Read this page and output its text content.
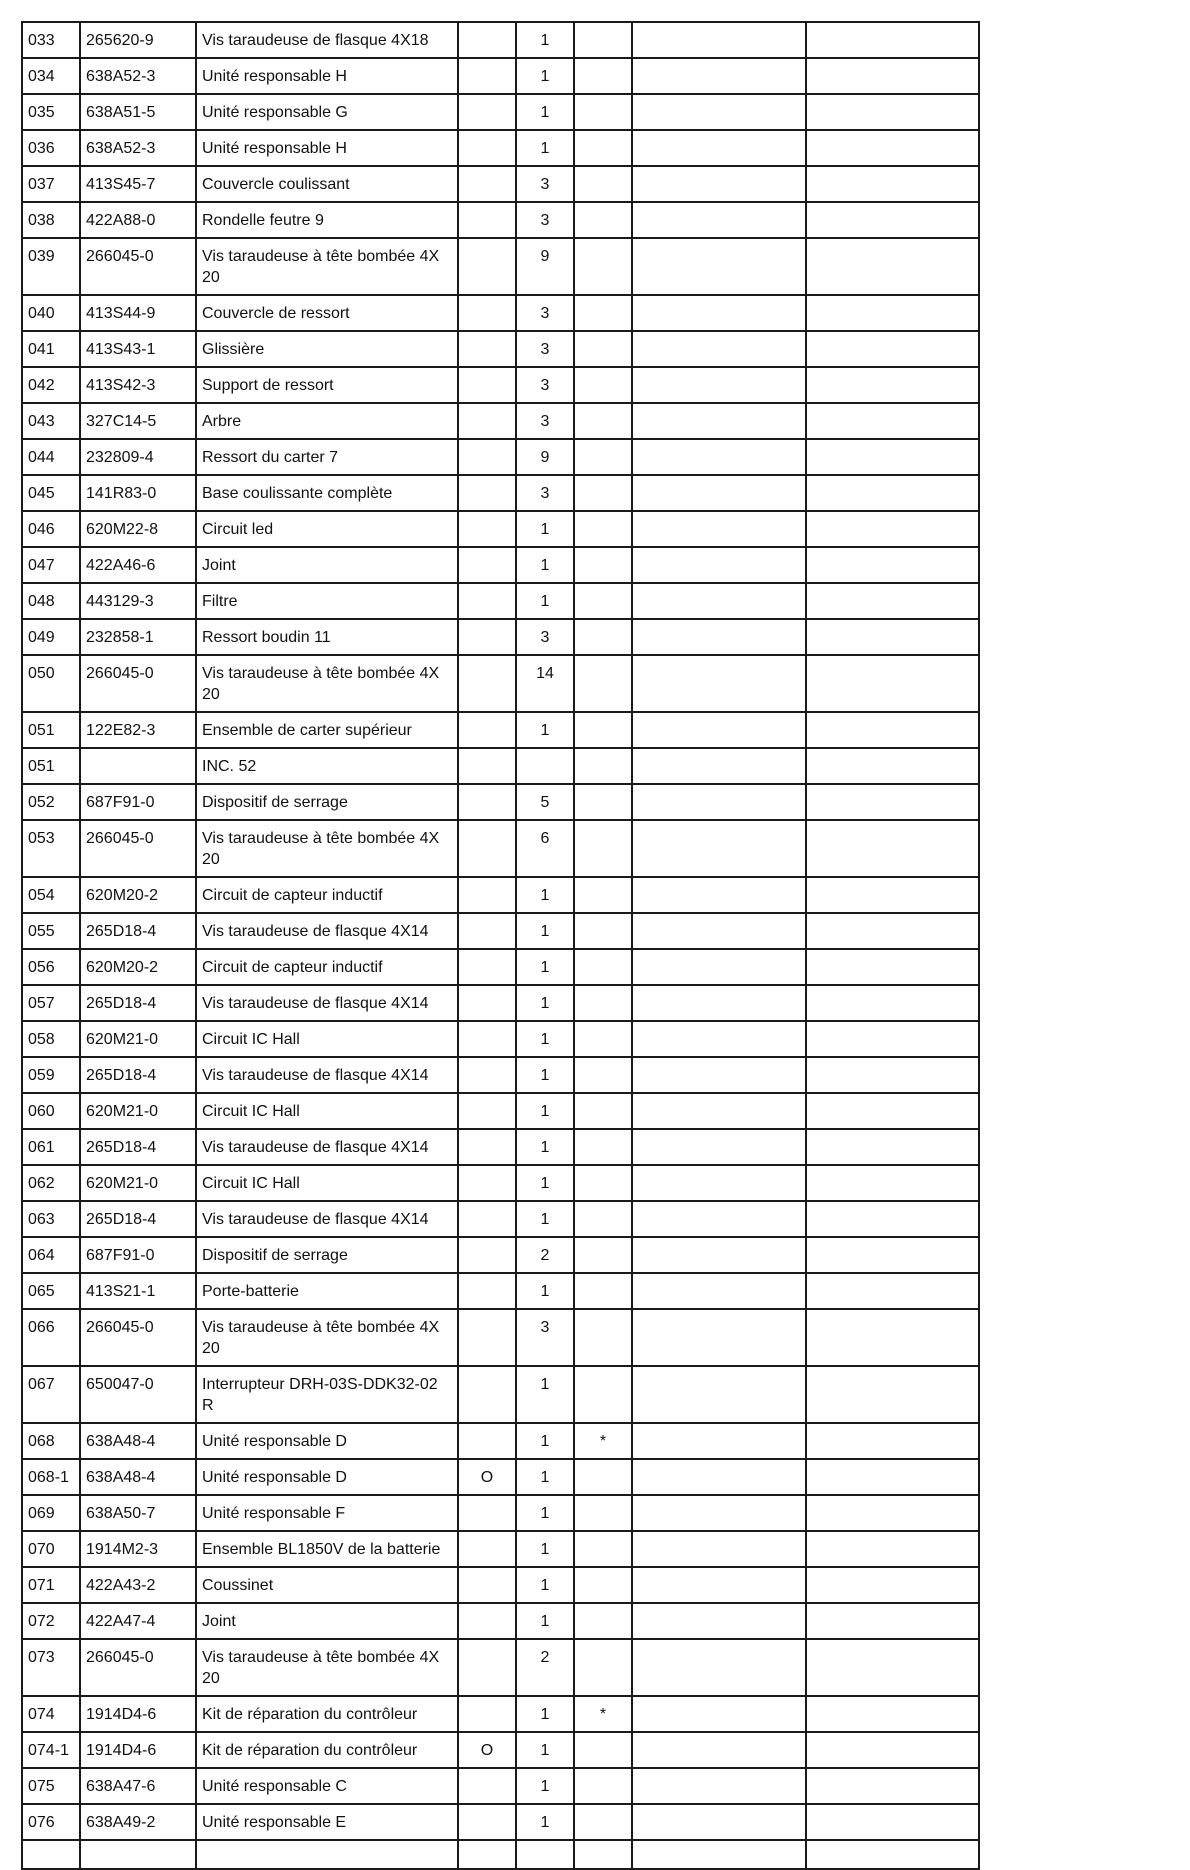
033	265620-9	Vis taraudeuse de flasque 4X18		1			
034	638A52-3	Unité responsable H		1			
035	638A51-5	Unité responsable G		1			
036	638A52-3	Unité responsable H		1			
037	413S45-7	Couvercle coulissant		3			
038	422A88-0	Rondelle feutre 9		3			
039	266045-0	Vis taraudeuse à tête bombée 4X 20		9			
040	413S44-9	Couvercle de ressort		3			
041	413S43-1	Glissière		3			
042	413S42-3	Support de ressort		3			
043	327C14-5	Arbre		3			
044	232809-4	Ressort du carter 7		9			
045	141R83-0	Base coulissante complète		3			
046	620M22-8	Circuit led		1			
047	422A46-6	Joint		1			
048	443129-3	Filtre		1			
049	232858-1	Ressort boudin 11		3			
050	266045-0	Vis taraudeuse à tête bombée 4X 20		14			
051	122E82-3	Ensemble de carter supérieur		1			
051		INC. 52					
052	687F91-0	Dispositif de serrage		5			
053	266045-0	Vis taraudeuse à tête bombée 4X 20		6			
054	620M20-2	Circuit de capteur inductif		1			
055	265D18-4	Vis taraudeuse de flasque 4X14		1			
056	620M20-2	Circuit de capteur inductif		1			
057	265D18-4	Vis taraudeuse de flasque 4X14		1			
058	620M21-0	Circuit IC Hall		1			
059	265D18-4	Vis taraudeuse de flasque 4X14		1			
060	620M21-0	Circuit IC Hall		1			
061	265D18-4	Vis taraudeuse de flasque 4X14		1			
062	620M21-0	Circuit IC Hall		1			
063	265D18-4	Vis taraudeuse de flasque 4X14		1			
064	687F91-0	Dispositif de serrage		2			
065	413S21-1	Porte-batterie		1			
066	266045-0	Vis taraudeuse à tête bombée 4X 20		3			
067	650047-0	Interrupteur DRH-03S-DDK32-02 R		1			
068	638A48-4	Unité responsable D		1	*		
068-1	638A48-4	Unité responsable D	O	1			
069	638A50-7	Unité responsable F		1			
070	1914M2-3	Ensemble BL1850V de la batterie		1			
071	422A43-2	Coussinet		1			
072	422A47-4	Joint		1			
073	266045-0	Vis taraudeuse à tête bombée 4X 20		2			
074	1914D4-6	Kit de réparation du contrôleur		1	*		
074-1	1914D4-6	Kit de réparation du contrôleur	O	1			
075	638A47-6	Unité responsable C		1			
076	638A49-2	Unité responsable E		1			
